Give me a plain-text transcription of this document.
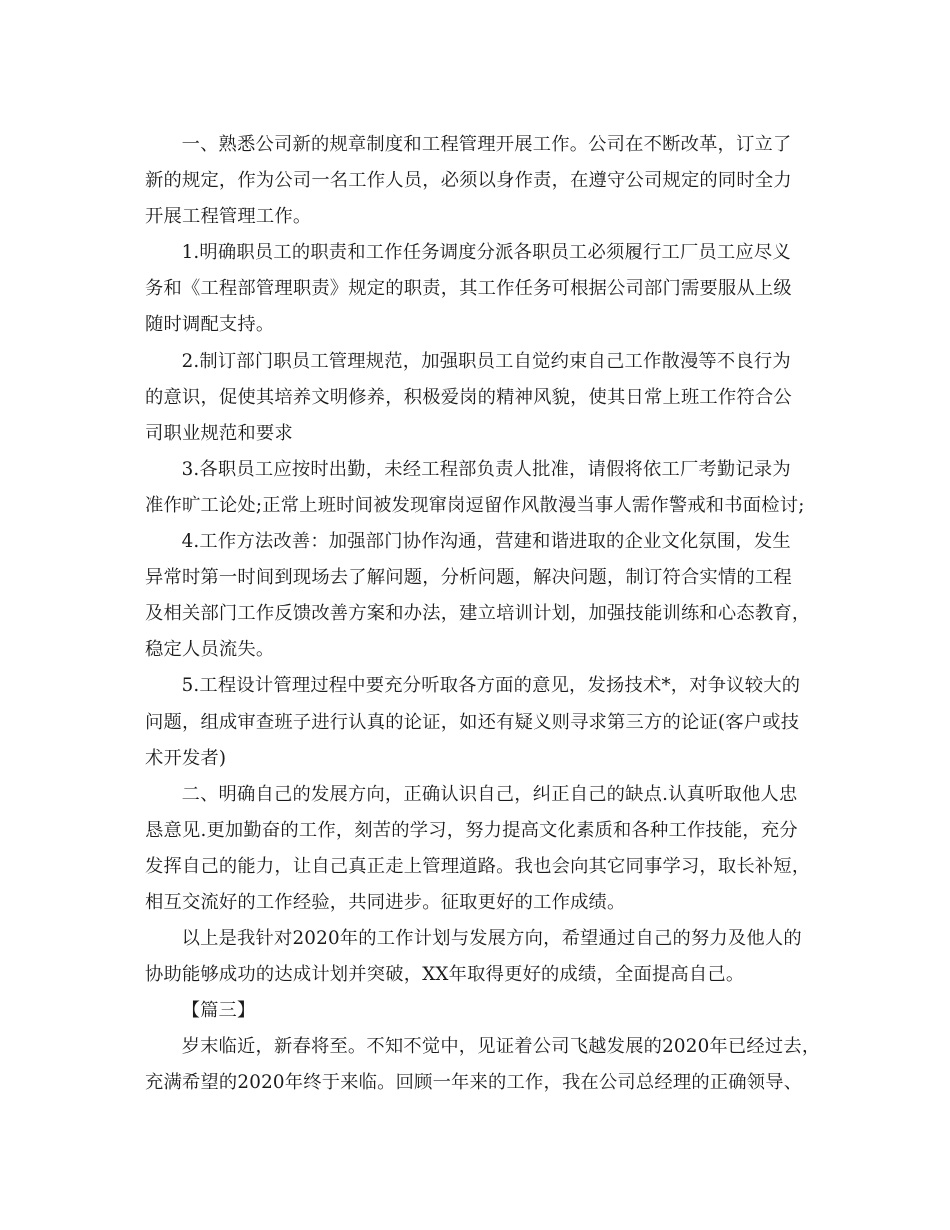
一、熟悉公司新的规章制度和工程管理开展工作。公司在不断改革，订立了
新的规定，作为公司一名工作人员，必须以身作责，在遵守公司规定的同时全力
开展工程管理工作。

1.明确职员工的职责和工作任务调度分派各职员工必须履行工厂员工应尽义
务和《工程部管理职责》规定的职责，其工作任务可根据公司部门需要服从上级
随时调配支持。

2.制订部门职员工管理规范，加强职员工自觉约束自己工作散漫等不良行为
的意识，促使其培养文明修养，积极爱岗的精神风貌，使其日常上班工作符合公
司职业规范和要求

3.各职员工应按时出勤，未经工程部负责人批准，请假将依工厂考勤记录为
准作旷工论处;正常上班时间被发现窜岗逗留作风散漫当事人需作警戒和书面检讨;

4.工作方法改善：加强部门协作沟通，营建和谐进取的企业文化氛围，发生
异常时第一时间到现场去了解问题，分析问题，解决问题，制订符合实情的工程
及相关部门工作反馈改善方案和办法，建立培训计划，加强技能训练和心态教育，
稳定人员流失。

5.工程设计管理过程中要充分听取各方面的意见，发扬技术*，对争议较大的
问题，组成审查班子进行认真的论证，如还有疑义则寻求第三方的论证(客户或技
术开发者)

二、明确自己的发展方向，正确认识自己，纠正自己的缺点.认真听取他人忠
恳意见.更加勤奋的工作，刻苦的学习，努力提高文化素质和各种工作技能，充分
发挥自己的能力，让自己真正走上管理道路。我也会向其它同事学习，取长补短，
相互交流好的工作经验，共同进步。征取更好的工作成绩。

以上是我针对2020年的工作计划与发展方向，希望通过自己的努力及他人的
协助能够成功的达成计划并突破，XX年取得更好的成绩，全面提高自己。

【篇三】

岁末临近，新春将至。不知不觉中，见证着公司飞越发展的2020年已经过去，
充满希望的2020年终于来临。回顾一年来的工作，我在公司总经理的正确领导、
